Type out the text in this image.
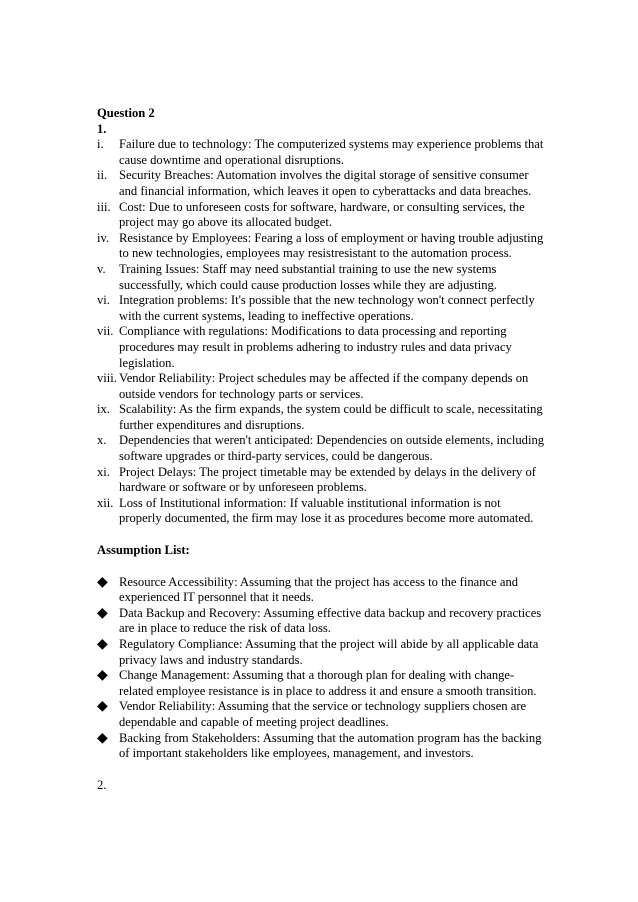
Question 2

1.

i.	Failure due to technology: The computerized systems may experience problems that cause downtime and operational disruptions.
ii. Security Breaches: Automation involves the digital storage of sensitive consumer and financial information, which leaves it open to cyberattacks and data breaches.
iii. Cost: Due to unforeseen costs for software, hardware, or consulting services, the project may go above its allocated budget.
iv. Resistance by Employees: Fearing a loss of employment or having trouble adjusting to new technologies, employees may resistresistant to the automation process.
v.	Training Issues: Staff may need substantial training to use the new systems successfully, which could cause production losses while they are adjusting.
vi. Integration problems: It's possible that the new technology won't connect perfectly with the current systems, leading to ineffective operations.
vii. Compliance with regulations: Modifications to data processing and reporting procedures may result in problems adhering to industry rules and data privacy legislation.
viii. Vendor Reliability: Project schedules may be affected if the company depends on outside vendors for technology parts or services.
ix. Scalability: As the firm expands, the system could be difficult to scale, necessitating further expenditures and disruptions.
x. Dependencies that weren't anticipated: Dependencies on outside elements, including software upgrades or third-party services, could be dangerous.
xi. Project Delays: The project timetable may be extended by delays in the delivery of hardware or software or by unforeseen problems.
xii. Loss of Institutional information: If valuable institutional information is not properly documented, the firm may lose it as procedures become more automated.

Assumption List:

◆ Resource Accessibility: Assuming that the project has access to the finance and experienced IT personnel that it needs.
◆ Data Backup and Recovery: Assuming effective data backup and recovery practices are in place to reduce the risk of data loss.
◆ Regulatory Compliance: Assuming that the project will abide by all applicable data privacy laws and industry standards.
◆ Change Management: Assuming that a thorough plan for dealing with change-related employee resistance is in place to address it and ensure a smooth transition.
◆ Vendor Reliability: Assuming that the service or technology suppliers chosen are dependable and capable of meeting project deadlines.
◆ Backing from Stakeholders: Assuming that the automation program has the backing of important stakeholders like employees, management, and investors.

2.
